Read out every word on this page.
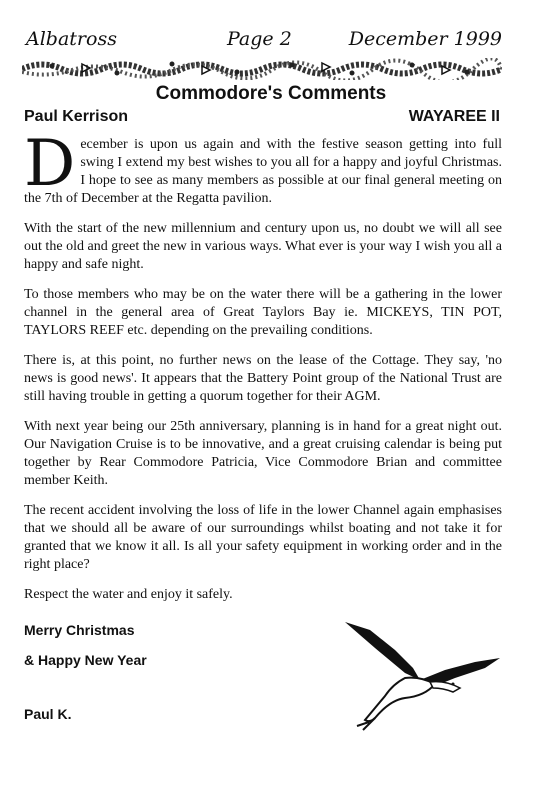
Albatross	Page 2	December 1999
Commodore's Comments
Paul Kerrison	WAYAREE II

December is upon us again and with the festive season getting into full swing I extend my best wishes to you all for a happy and joyful Christmas. I hope to see as many members as possible at our final general meeting on the 7th of December at the Regatta pavilion.

With the start of the new millennium and century upon us, no doubt we will all see out the old and greet the new in various ways. What ever is your way I wish you all a happy and safe night.

To those members who may be on the water there will be a gathering in the lower channel in the general area of Great Taylors Bay ie. MICKEYS, TIN POT, TAYLORS REEF etc. depending on the prevailing conditions.

There is, at this point, no further news on the lease of the Cottage. They say, 'no news is good news'. It appears that the Battery Point group of the National Trust are still having trouble in getting a quorum together for their AGM.

With next year being our 25th anniversary, planning is in hand for a great night out. Our Navigation Cruise is to be innovative, and a great cruising calendar is being put together by Rear Commodore Patricia, Vice Commodore Brian and committee member Keith.

The recent accident involving the loss of life in the lower Channel again emphasises that we should all be aware of our surroundings whilst boating and not take it for granted that we know it all. Is all your safety equipment in working order and in the right place?

Respect the water and enjoy it safely.

Merry Christmas
& Happy New Year
Paul K.
